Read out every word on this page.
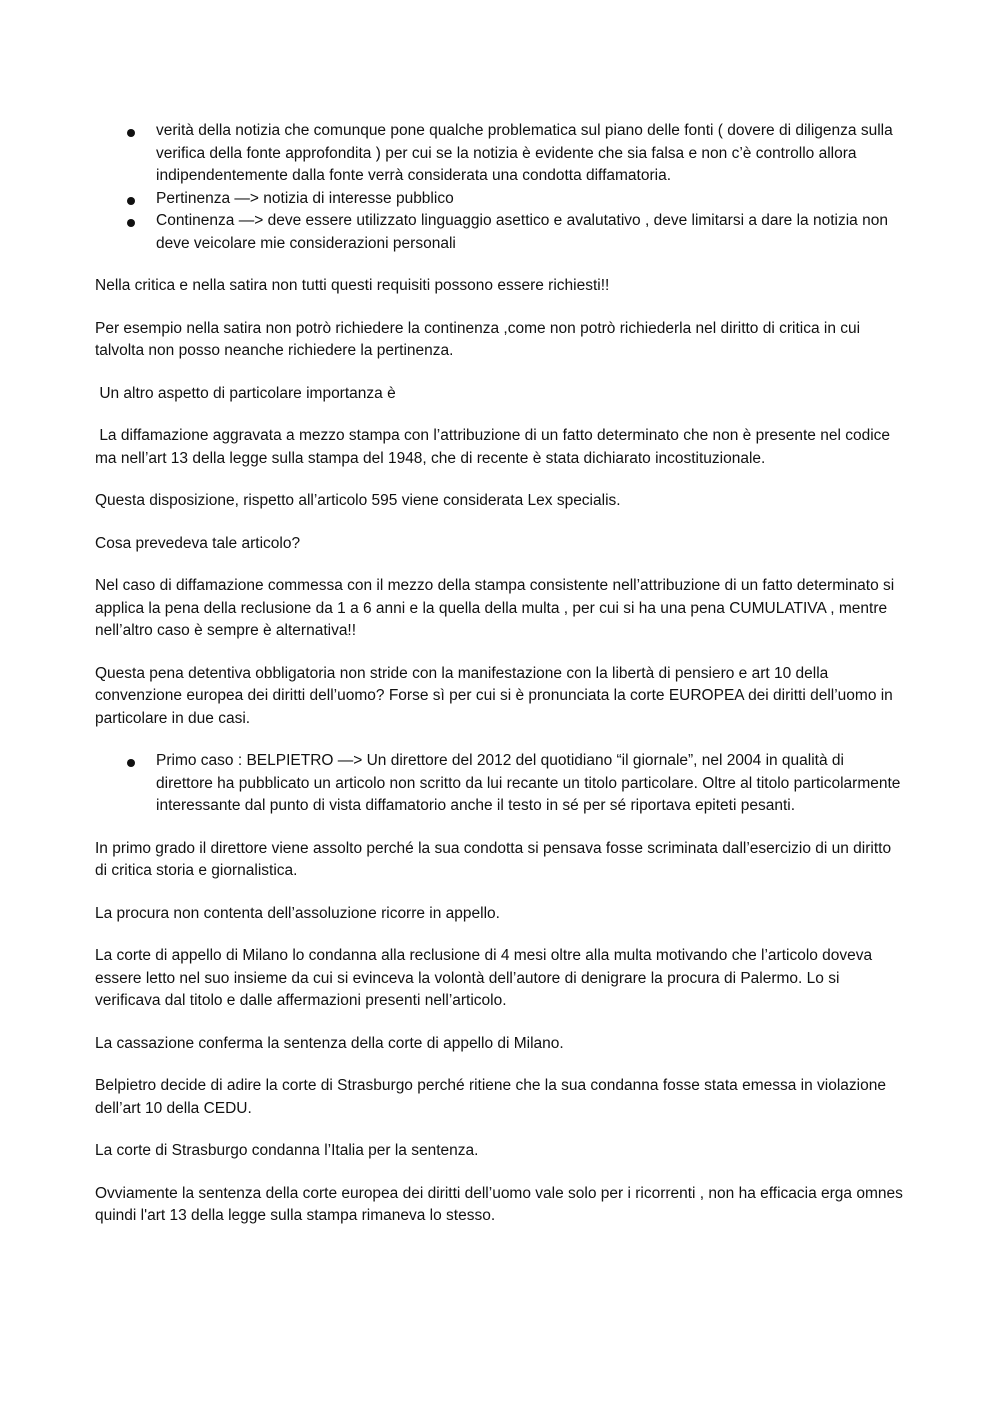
verità della notizia che comunque pone qualche problematica sul piano delle fonti ( dovere di diligenza sulla verifica della fonte approfondita ) per cui se la notizia è evidente che sia falsa e non c’è controllo allora indipendentemente dalla fonte verrà considerata una condotta diffamatoria.
Pertinenza —> notizia di interesse pubblico
Continenza —> deve essere utilizzato linguaggio asettico e avalutativo , deve limitarsi a dare la notizia non deve veicolare mie considerazioni personali

Nella critica e nella satira non tutti questi requisiti possono essere richiesti!!

Per esempio nella satira non potrò richiedere la continenza ,come non potrò richiederla nel diritto di critica in cui talvolta non posso neanche richiedere la pertinenza.

Un altro aspetto di particolare importanza è

La diffamazione aggravata a mezzo stampa con l’attribuzione di un fatto determinato che non è presente nel codice ma nell’art 13 della legge sulla stampa del 1948, che di recente è stata dichiarato incostituzionale.

Questa disposizione, rispetto all’articolo 595 viene considerata Lex specialis.

Cosa prevedeva tale articolo?

Nel caso di diffamazione commessa con il mezzo della stampa consistente nell’attribuzione di un fatto determinato si applica la pena della reclusione da 1 a 6 anni e la quella della multa , per cui si ha una pena CUMULATIVA , mentre nell’altro caso è sempre è alternativa!!

Questa pena detentiva obbligatoria non stride con la manifestazione con la libertà di pensiero e art 10 della convenzione europea dei diritti dell’uomo? Forse sì per cui si è pronunciata la corte EUROPEA dei diritti dell’uomo in particolare in due casi.

Primo caso : BELPIETRO —> Un direttore del 2012 del quotidiano “il giornale”, nel 2004 in qualità di direttore ha pubblicato un articolo non scritto da lui recante un titolo particolare. Oltre al titolo particolarmente interessante dal punto di vista diffamatorio anche il testo in sé per sé riportava epiteti pesanti.

In primo grado il direttore viene assolto perché la sua condotta si pensava fosse scriminata dall’esercizio di un diritto di critica storia e giornalistica.

La procura non contenta dell’assoluzione ricorre in appello.

La corte di appello di Milano lo condanna alla reclusione di 4 mesi oltre alla multa motivando che l’articolo doveva essere letto nel suo insieme da cui si evinceva la volontà dell’autore di denigrare la procura di Palermo. Lo si verificava dal titolo e dalle affermazioni presenti nell’articolo.

La cassazione conferma la sentenza della corte di appello di Milano.

Belpietro decide di adire la corte di Strasburgo perché ritiene che la sua condanna fosse stata emessa in violazione dell’art 10 della CEDU.

La corte di Strasburgo condanna l’Italia per la sentenza.

Ovviamente la sentenza della corte europea dei diritti dell’uomo vale solo per i ricorrenti , non ha efficacia erga omnes quindi l'art 13 della legge sulla stampa rimaneva lo stesso.
